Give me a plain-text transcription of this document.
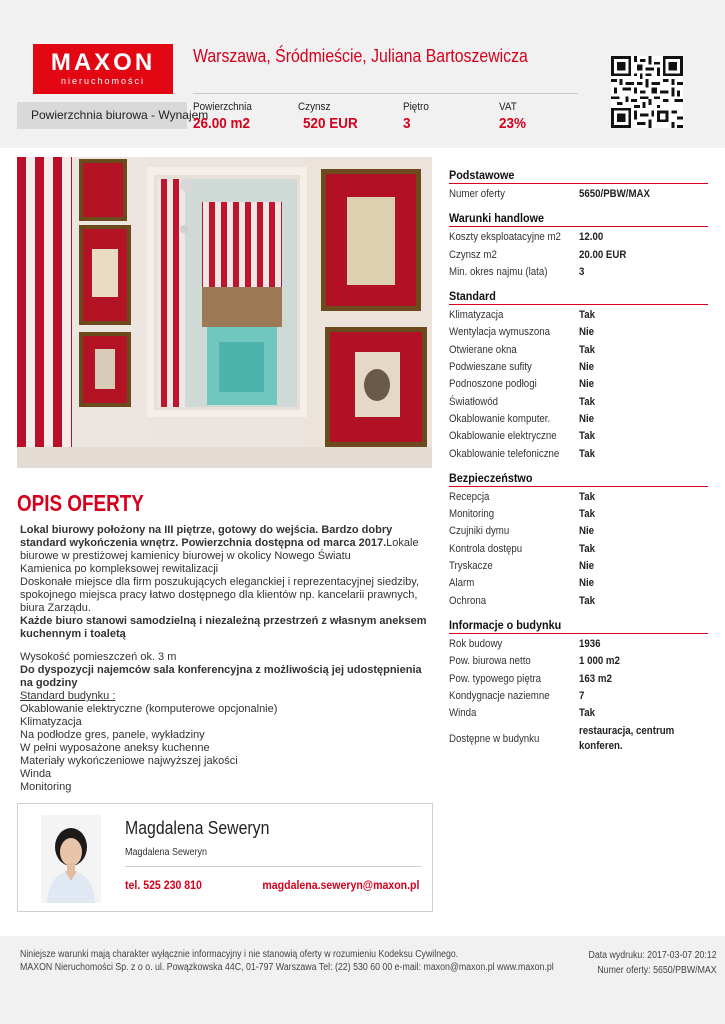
MAXON
nieruchomości
Warszawa, Śródmieście, Juliana Bartoszewicza
Powierzchnia biurowa - Wynajem
Powierzchnia
26.00 m2
Czynsz
520 EUR
Piętro
3
VAT
23%
OPIS OFERTY
Lokal biurowy położony na III piętrze, gotowy do wejścia. Bardzo dobry standard wykończenia wnętrz. Powierzchnia dostępna od marca 2017.Lokale biurowe w prestiżowej kamienicy biurowej w okolicy Nowego Światu
Kamienica po kompleksowej rewitalizacji
Doskonałe miejsce dla firm poszukujących eleganckiej i reprezentacyjnej siedziby, spokojnego miejsca pracy łatwo dostępnego dla klientów np. kancelarii prawnych, biura Zarządu.
Każde biuro stanowi samodzielną i niezależną przestrzeń z własnym aneksem kuchennym i toaletą
Wysokość pomieszczeń ok. 3 m
Do dyspozycji najemców sala konferencyjna z możliwością jej udostępnienia na godziny
Standard budynku :
Okablowanie elektryczne (komputerowe opcjonalnie)
Klimatyzacja
Na podłodze gres, panele, wykładziny
W pełni wyposażone aneksy kuchenne
Materiały wykończeniowe najwyższej jakości
Winda
Monitoring
Magdalena Seweryn
Magdalena Seweryn
tel. 525 230 810	magdalena.seweryn@maxon.pl
Podstawowe
Numer oferty	5650/PBW/MAX
Warunki handlowe
Koszty eksploatacyjne m2 12.00
Czynsz m2	20.00 EUR
Min. okres najmu (lata)	3
Standard
Klimatyzacja	Tak
Wentylacja wymuszona	Nie
Otwierane okna	Tak
Podwieszane sufity	Nie
Podnoszone podłogi	Nie
Światłowód	Tak
Okablowanie komputer.	Nie
Okablowanie elektryczne Tak
Okablowanie telefoniczne Tak
Bezpieczeństwo
Recepcja	Tak
Monitoring	Tak
Czujniki dymu	Nie
Kontrola dostępu	Tak
Tryskacze	Nie
Alarm	Nie
Ochrona	Tak
Informacje o budynku
Rok budowy	1936
Pow. biurowa netto	1 000 m2
Pow. typowego piętra	163 m2
Kondygnacje naziemne	7
Winda	Tak
Dostępne w budynku
restauracja, centrum konferen.
Niniejsze warunki mają charakter wyłącznie informacyjny i nie stanowią oferty w rozumieniu Kodeksu Cywilnego.
MAXON Nieruchomości Sp. z o o. ul. Powązkowska 44C, 01-797 Warszawa Tel: (22) 530 60 00 e-mail: maxon@maxon.pl www.maxon.pl
Data wydruku: 2017-03-07 20:12
Numer oferty: 5650/PBW/MAX
